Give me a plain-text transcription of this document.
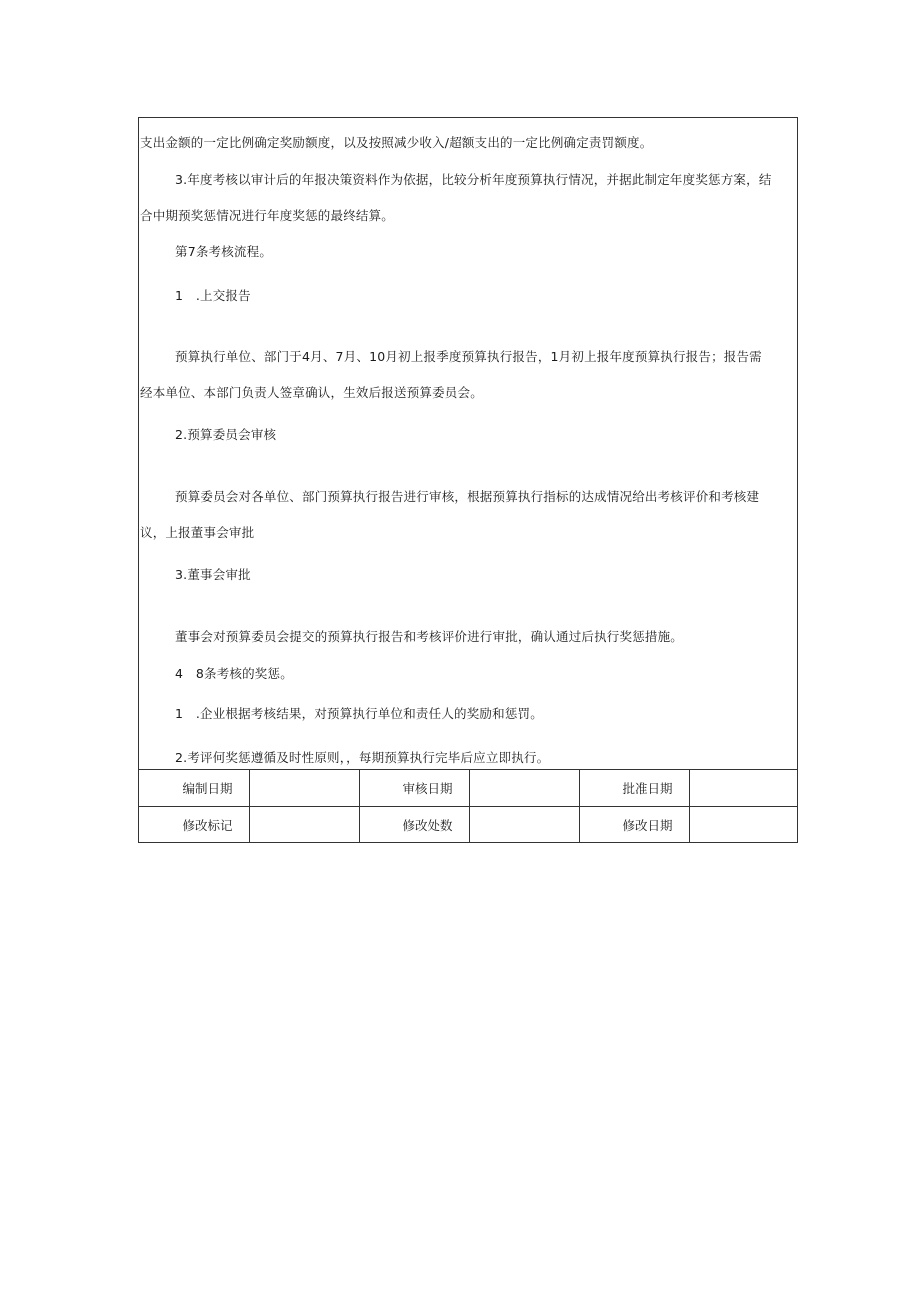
支出金额的一定比例确定奖励额度，以及按照减少收入/超额支出的一定比例确定责罚额度。
3.年度考核以审计后的年报决策资料作为依据，比较分析年度预算执行情况，并据此制定年度奖惩方案，结
合中期预奖惩情况进行年度奖惩的最终结算。
第7条考核流程。
1　.上交报告
预算执行单位、部门于4月、7月、10月初上报季度预算执行报告，1月初上报年度预算执行报告；报告需
经本单位、本部门负责人签章确认，生效后报送预算委员会。
2.预算委员会审核
预算委员会对各单位、部门预算执行报告进行审核，根据预算执行指标的达成情况给出考核评价和考核建
议，上报董事会审批
3.董事会审批
董事会对预算委员会提交的预算执行报告和考核评价进行审批，确认通过后执行奖惩措施。
4　8条考核的奖惩。
1　.企业根据考核结果，对预算执行单位和责任人的奖励和惩罚。
2.考评何奖惩遵循及时性原则，，每期预算执行完毕后应立即执行。
编制日期		审核日期		批准日期	
修改标记		修改处数		修改日期	
